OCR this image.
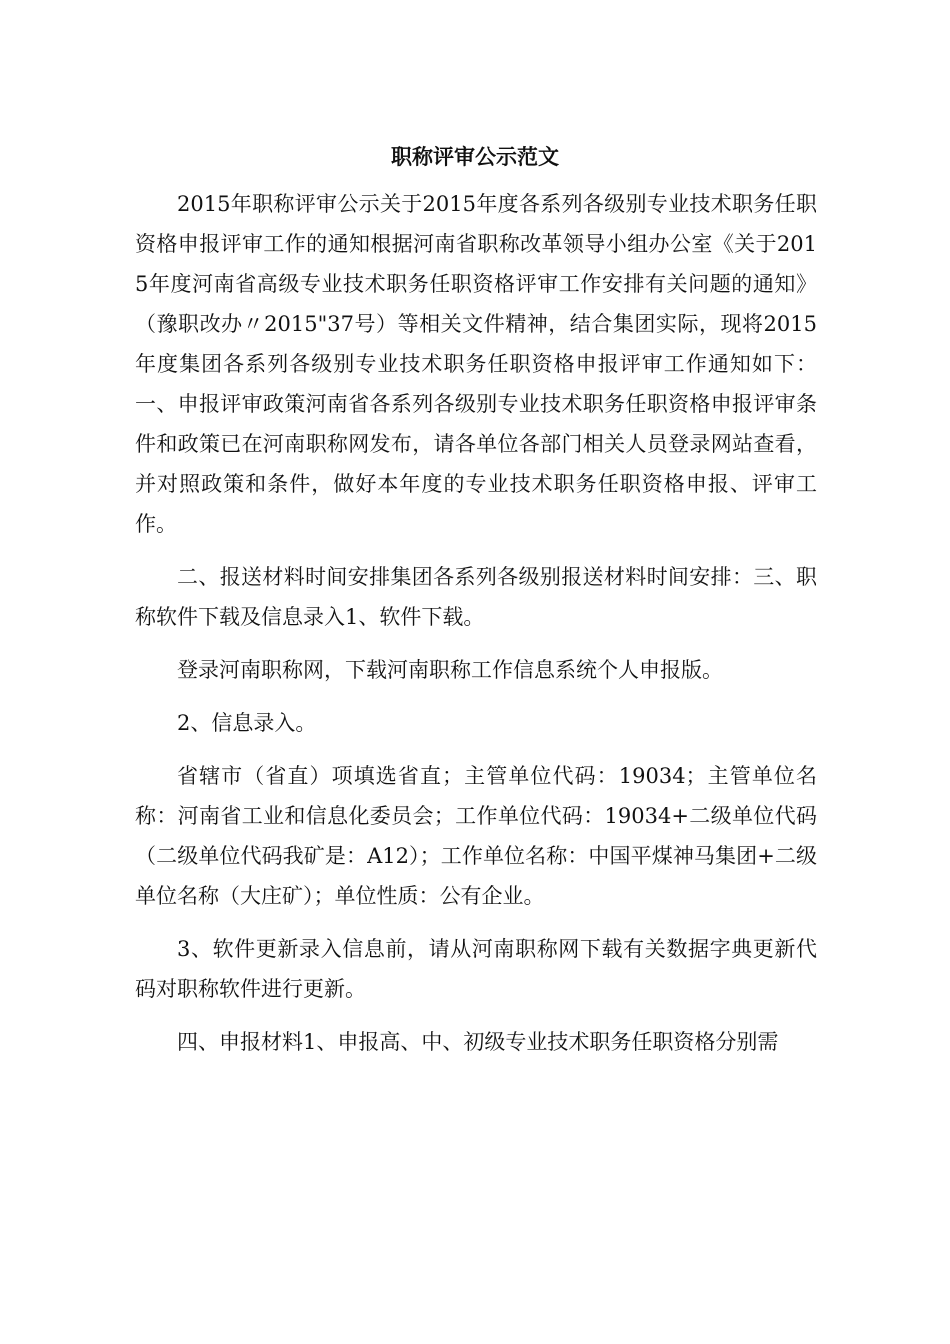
职称评审公示范文

2015年职称评审公示关于2015年度各系列各级别专业技术职务任职资格申报评审工作的通知根据河南省职称改革领导小组办公室《关于2015年度河南省高级专业技术职务任职资格评审工作安排有关问题的通知》（豫职改办〃2015"37号）等相关文件精神，结合集团实际，现将2015年度集团各系列各级别专业技术职务任职资格申报评审工作通知如下：一、申报评审政策河南省各系列各级别专业技术职务任职资格申报评审条件和政策已在河南职称网发布，请各单位各部门相关人员登录网站查看，并对照政策和条件，做好本年度的专业技术职务任职资格申报、评审工作。

二、报送材料时间安排集团各系列各级别报送材料时间安排：三、职称软件下载及信息录入1、软件下载。

登录河南职称网，下载河南职称工作信息系统个人申报版。

2、信息录入。

省辖市（省直）项填选省直；主管单位代码：19034；主管单位名称：河南省工业和信息化委员会；工作单位代码：19034+二级单位代码（二级单位代码我矿是：A12）；工作单位名称：中国平煤神马集团+二级单位名称（大庄矿）；单位性质：公有企业。

3、软件更新录入信息前，请从河南职称网下载有关数据字典更新代码对职称软件进行更新。

四、申报材料1、申报高、中、初级专业技术职务任职资格分别需
